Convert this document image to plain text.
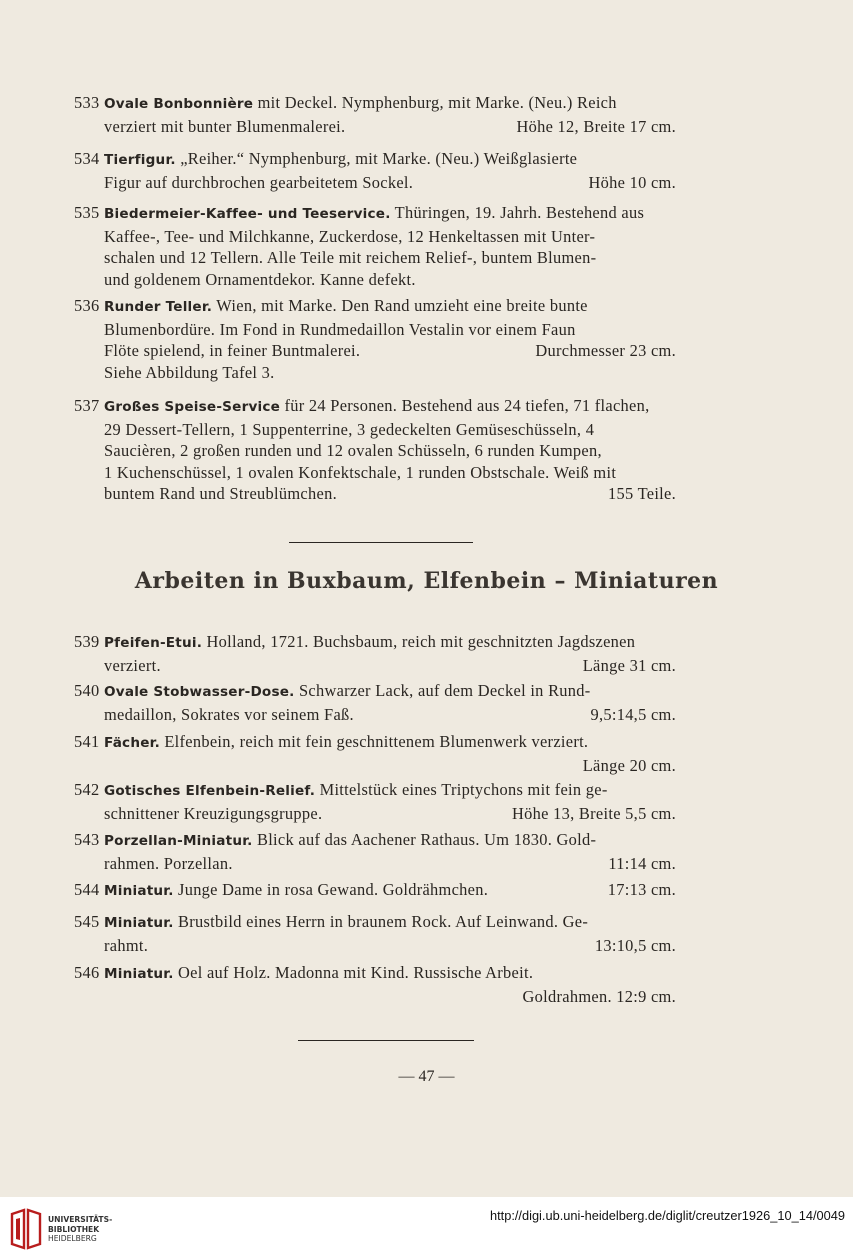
533 Ovale Bonbonnière mit Deckel. Nymphenburg, mit Marke. (Neu.) Reich
verziert mit bunter Blumenmalerei.	Höhe 12, Breite 17 cm.
534 Tierfigur. „Reiher.“ Nymphenburg, mit Marke. (Neu.) Weißglasierte
Figur auf durchbrochen gearbeitetem Sockel.	Höhe 10 cm.
535 Biedermeier-Kaffee- und Teeservice. Thüringen, 19. Jahrh. Bestehend aus
Kaffee-, Tee- und Milchkanne, Zuckerdose, 12 Henkeltassen mit Unter-
schalen und 12 Tellern. Alle Teile mit reichem Relief-, buntem Blumen-
und goldenem Ornamentdekor. Kanne defekt.
536 Runder Teller. Wien, mit Marke. Den Rand umzieht eine breite bunte
Blumenbordüre. Im Fond in Rundmedaillon Vestalin vor einem Faun
Flöte spielend, in feiner Buntmalerei.	Durchmesser 23 cm.
Siehe Abbildung Tafel 3.
537 Großes Speise-Service für 24 Personen. Bestehend aus 24 tiefen, 71 flachen,
29 Dessert-Tellern, 1 Suppenterrine, 3 gedeckelten Gemüseschüsseln, 4
Saucièren, 2 großen runden und 12 ovalen Schüsseln, 6 runden Kumpen,
1 Kuchenschüssel, 1 ovalen Konfektschale, 1 runden Obstschale. Weiß mit
buntem Rand und Streublümchen.	155 Teile.
Arbeiten in Buxbaum, Elfenbein – Miniaturen
539 Pfeifen-Etui. Holland, 1721. Buchsbaum, reich mit geschnitzten Jagdszenen
verziert.	Länge 31 cm.
540 Ovale Stobwasser-Dose. Schwarzer Lack, auf dem Deckel in Rund-
medaillon, Sokrates vor seinem Faß.	9,5:14,5 cm.
541 Fächer. Elfenbein, reich mit fein geschnittenem Blumenwerk verziert.
Länge 20 cm.
542 Gotisches Elfenbein-Relief. Mittelstück eines Triptychons mit fein ge-
schnittener Kreuzigungsgruppe.	Höhe 13, Breite 5,5 cm.
543 Porzellan-Miniatur. Blick auf das Aachener Rathaus. Um 1830. Gold-
rahmen. Porzellan.	11:14 cm.
544 Miniatur. Junge Dame in rosa Gewand. Goldrähmchen.	17:13 cm.
545 Miniatur. Brustbild eines Herrn in braunem Rock. Auf Leinwand. Ge-
rahmt.	13:10,5 cm.
546 Miniatur. Oel auf Holz. Madonna mit Kind. Russische Arbeit.
Goldrahmen. 12:9 cm.
— 47 —
UNIVERSITÄTS-
BIBLIOTHEK
HEIDELBERG
http://digi.ub.uni-heidelberg.de/diglit/creutzer1926_10_14/0049
